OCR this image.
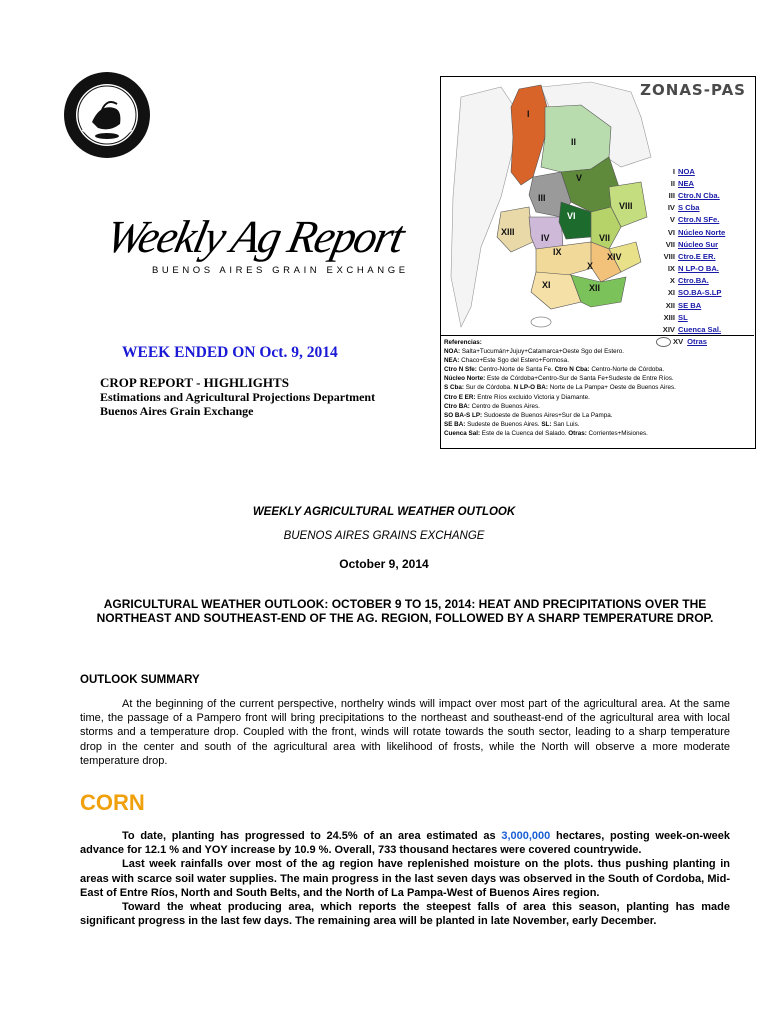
Weekly Ag Report
BUENOS AIRES GRAIN EXCHANGE
WEEK ENDED ON Oct. 9, 2014
CROP REPORT - HIGHLIGHTS
Estimations and Agricultural Projections Department
Buenos Aires Grain Exchange
I
II
III
IV
V
VI
VII
VIII
IX
X
XI	XII
XIII
XIV
ZONAS-PAS
I NOA
II NEA
III Ctro.N Cba.
IV S Cba
V Ctro.N SFe.
VI Núcleo Norte
VII Núcleo Sur
VIII Ctro.E ER.
IX N LP-O BA.
X Ctro.BA.
XI SO.BA-S.LP
XII SE BA
XIII SL
XIV Cuenca Sal.
XV Otras
Referencias:
NOA: Salta+Tucumán+Jujuy+Catamarca+Oeste Sgo del Estero.
NEA: Chaco+Este Sgo del Estero+Formosa.
Ctro N Sfe: Centro-Norte de Santa Fe. Ctro N Cba: Centro-Norte de Córdoba.
Núcleo Norte: Este de Córdoba+Centro-Sur de Santa Fe+Sudeste de Entre Ríos.
S Cba: Sur de Córdoba. N LP-O BA: Norte de La Pampa+ Oeste de Buenos Aires.
Ctro E ER: Entre Ríos excluido Victoria y Diamante.
Ctro BA: Centro de Buenos Aires.
SO BA-S LP: Sudoeste de Buenos Aires+Sur de La Pampa.
SE BA: Sudeste de Buenos Aires. SL: San Luis.
Cuenca Sal: Este de la Cuenca del Salado. Otras: Corrientes+Misiones.
WEEKLY AGRICULTURAL WEATHER OUTLOOK
BUENOS AIRES GRAINS EXCHANGE
October 9, 2014
AGRICULTURAL WEATHER OUTLOOK: OCTOBER 9 TO 15, 2014: HEAT AND PRECIPITATIONS OVER THE NORTHEAST AND SOUTHEAST-END OF THE AG. REGION, FOLLOWED BY A SHARP TEMPERATURE DROP.
OUTLOOK SUMMARY
At the beginning of the current perspective, northelry winds will impact over most part of the agricultural area. At the same time, the passage of a Pampero front will bring precipitations to the northeast and southeast-end of the agricultural area with local storms and a temperature drop. Coupled with the front, winds will rotate towards the south sector, leading to a sharp temperature drop in the center and south of the agricultural area with likelihood of frosts, while the North will observe a more moderate temperature drop.
CORN

To date, planting has progressed to 24.5% of an area estimated as 3,000,000 hectares, posting week-on-week advance for 12.1 % and YOY increase by 10.9 %. Overall, 733 thousand hectares were covered countrywide.

Last week rainfalls over most of the ag region have replenished moisture on the plots. thus pushing planting in areas with scarce soil water supplies. The main progress in the last seven days was observed in the South of Cordoba, Mid-East of Entre Ríos, North and South Belts, and the North of La Pampa-West of Buenos Aires region.

Toward the wheat producing area, which reports the steepest falls of area this season, planting has made significant progress in the last few days. The remaining area will be planted in late November, early December.
